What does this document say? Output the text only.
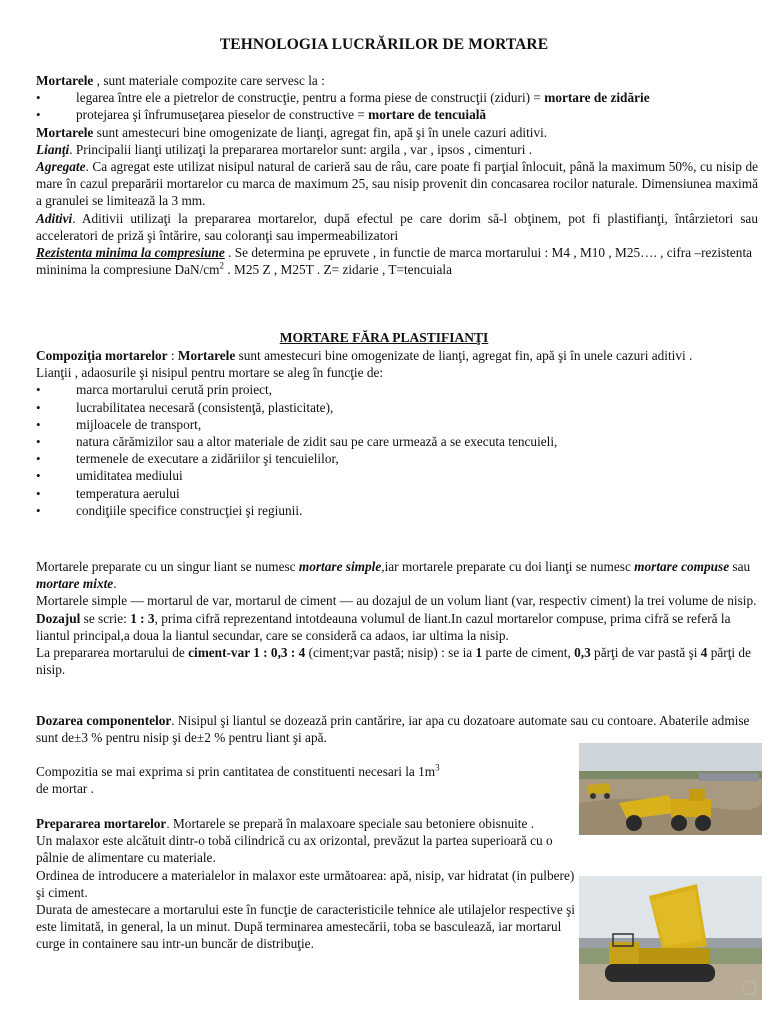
TEHNOLOGIA LUCRĂRILOR DE MORTARE

Mortarele , sunt materiale compozite care servesc la :

• legarea între ele a pietrelor de construcţie, pentru a forma piese de construcţii (ziduri) = mortare de zidărie
• protejarea şi înfrumuseţarea pieselor de constructive = mortare de tencuială

Mortarele sunt amestecuri bine omogenizate de lianţi, agregat fin, apă şi în unele cazuri aditivi.

Lianţi. Principalii lianţi utilizaţi la prepararea mortarelor sunt: argila , var , ipsos , cimenturi .

Agregate. Ca agregat este utilizat nisipul natural de carieră sau de râu, care poate fi parţial înlocuit, până la maximum 50%, cu nisip de mare în cazul preparării mortarelor cu marca de maximum 25, sau nisip provenit din concasarea rocilor naturale. Dimensiunea maximă a granulei se limitează la 3 mm.

Aditivi. Aditivii utilizaţi la prepararea mortarelor, după efectul pe care dorim să-l obţinem, pot fi plastifianţi, întârzietori sau acceleratori de priză şi întărire, sau coloranţi sau impermeabilizatori

Rezistenta minima la compresiune . Se determina pe epruvete , in functie de marca mortarului : M4 , M10 , M25…. , cifra –rezistenta mininima la compresiune DaN/$cm^2$ . M25 Z , M25T . Z= zidarie , T=tencuiala

MORTARE FĂRA PLASTIFIANŢI

Compoziţia mortarelor : Mortarele sunt amestecuri bine omogenizate de lianţi, agregat fin, apă şi în unele cazuri aditivi .

Lianţii , adaosurile şi nisipul pentru mortare se aleg în funcţie de:

• marca mortarului cerută prin proiect,
• lucrabilitatea necesară (consistenţă, plasticitate),
• mijloacele de transport,
• natura cărămizilor sau a altor materiale de zidit sau pe care urmează a se executa tencuieli,
• termenele de executare a zidăriilor şi tencuielilor,
• umiditatea mediului
• temperatura aerului
• condiţiile specifice construcţiei şi regiunii.

Mortarele preparate cu un singur liant se numesc mortare simple,iar mortarele preparate cu doi lianţi se numesc mortare compuse sau mortare mixte.

Mortarele simple — mortarul de var, mortarul de ciment — au dozajul de un volum liant (var, respectiv ciment) la trei volume de nisip.

Dozajul se scrie: 1 : 3, prima cifră reprezentand intotdeauna volumul de liant.In cazul mortarelor compuse, prima cifră se referă la liantul principal,a doua la liantul secundar, care se consideră ca adaos, iar ultima la nisip.

La prepararea mortarului de ciment-var 1 : 0,3 : 4 (ciment;var pastă; nisip) : se ia 1 parte de ciment, 0,3 părţi de var pastă şi 4 părţi de nisip.

Dozarea componentelor. Nisipul şi liantul se dozează prin cantărire, iar apa cu dozatoare automate sau cu contoare. Abaterile admise sunt de±3 % pentru nisip şi de±2 % pentru liant şi apă.

Compozitia se mai exprima si prin cantitatea de constituenti necesari la $1m^3$
de mortar .

Prepararea mortarelor. Mortarele se prepară în malaxoare speciale sau betoniere obisnuite .

Un malaxor este alcătuit dintr-o tobă cilindrică cu ax orizontal, prevăzut la partea superioară cu o pâlnie de alimentare cu materiale.

Ordinea de introducere a materialelor in malaxor este următoarea: apă, nisip, var hidratat (in pulbere) şi ciment.

Durata de amestecare a mortarului este în funcţie de caracteristicile tehnice ale utilajelor respective şi este limitată, in general, la un minut. După terminarea amestecării, toba se basculează, iar mortarul curge in containere sau intr-un buncăr de distribuţie.
